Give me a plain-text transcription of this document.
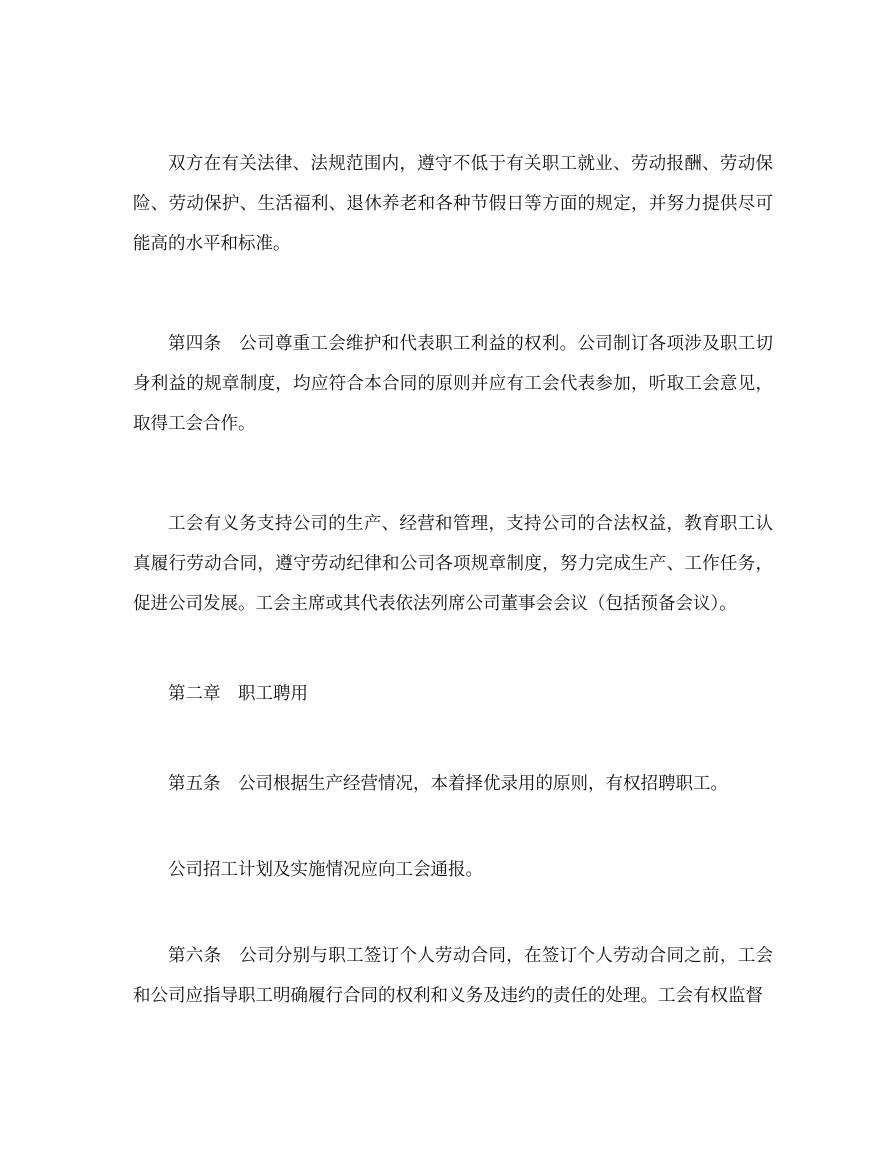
双方在有关法律、法规范围内，遵守不低于有关职工就业、劳动报酬、劳动保险、劳动保护、生活福利、退休养老和各种节假日等方面的规定，并努力提供尽可能高的水平和标准。

第四条　公司尊重工会维护和代表职工利益的权利。公司制订各项涉及职工切身利益的规章制度，均应符合本合同的原则并应有工会代表参加，听取工会意见，取得工会合作。

工会有义务支持公司的生产、经营和管理，支持公司的合法权益，教育职工认真履行劳动合同，遵守劳动纪律和公司各项规章制度，努力完成生产、工作任务，促进公司发展。工会主席或其代表依法列席公司董事会会议（包括预备会议）。

第二章　职工聘用

第五条　公司根据生产经营情况，本着择优录用的原则，有权招聘职工。

公司招工计划及实施情况应向工会通报。

第六条　公司分别与职工签订个人劳动合同，在签订个人劳动合同之前，工会和公司应指导职工明确履行合同的权利和义务及违约的责任的处理。工会有权监督
